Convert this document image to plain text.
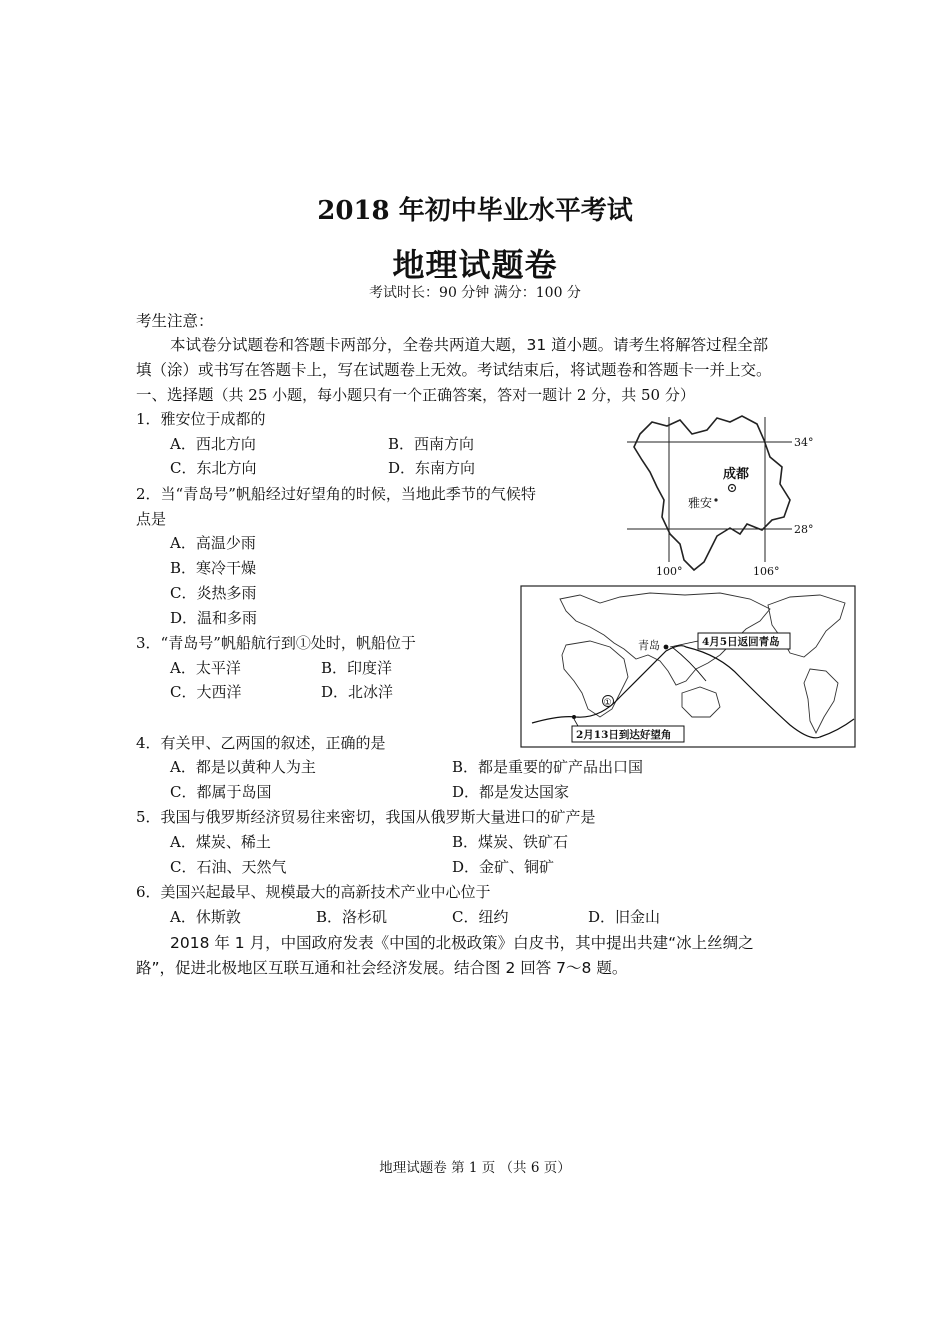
2018 年初中毕业水平考试
地理试题卷
考试时长：90 分钟 满分：100 分
考生注意：
本试卷分试题卷和答题卡两部分，全卷共两道大题，31 道小题。请考生将解答过程全部
填（涂）或书写在答题卡上，写在试题卷上无效。考试结束后，将试题卷和答题卡一并上交。
一、选择题（共 25 小题，每小题只有一个正确答案，答对一题计 2 分，共 50 分）
1．雅安位于成都的
A．西北方向	B．西南方向
C．东北方向	D．东南方向
2．当“青岛号”帆船经过好望角的时候，当地此季节的气候特
点是
A．高温少雨
B．寒冷干燥
C．炎热多雨
D．温和多雨
3．“青岛号”帆船航行到①处时，帆船位于
A．太平洋	B．印度洋
C．大西洋	D．北冰洋
4．有关甲、乙两国的叙述，正确的是
A．都是以黄种人为主	B．都是重要的矿产品出口国
C．都属于岛国	D．都是发达国家
5．我国与俄罗斯经济贸易往来密切，我国从俄罗斯大量进口的矿产是
A．煤炭、稀土	B．煤炭、铁矿石
C．石油、天然气	D．金矿、铜矿
6．美国兴起最早、规模最大的高新技术产业中心位于
A．休斯敦	B．洛杉矶	C．纽约	D．旧金山
2018 年 1 月，中国政府发表《中国的北极政策》白皮书，其中提出共建“冰上丝绸之
路”，促进北极地区互联互通和社会经济发展。结合图 2 回答 7～8 题。
成都
雅安
34°
28°
100°	106°
①
青岛	4月5日返回青岛
2月13日到达好望角
地理试题卷 第 1 页 （共 6 页）
